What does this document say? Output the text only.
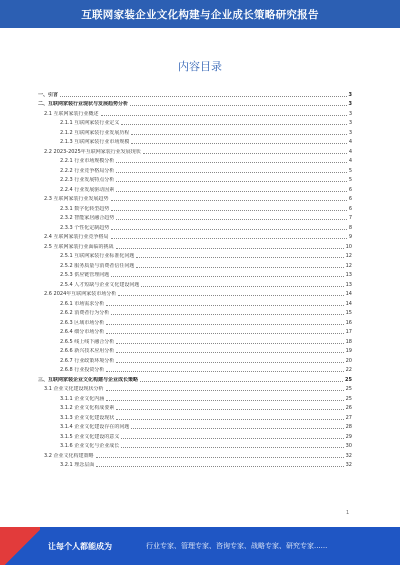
互联网家装企业文化构建与企业成长策略研究报告
内容目录
一、引言	3
二、互联网家装行业现状与发展趋势分析	3
2.1 互联网家装行业概述	3
2.1.1 互联网家装行业定义	3
2.1.2 互联网家装行业发展历程	3
2.1.3 互联网家装行业市场规模	4
2.2 2023-2025年互联网家装行业发展现状	4
2.2.1 行业市场规模分析	4
2.2.2 行业竞争格局分析	5
2.2.3 行业发展特点分析	5
2.2.4 行业发展驱动因素	6
2.3 互联网家装行业发展趋势	6
2.3.1 数字化转型趋势	6
2.3.2 智能家居融合趋势	7
2.3.3 个性化定制趋势	8
2.4 互联网家装行业竞争格局	9
2.5 互联网家装行业面临的挑战	10
2.5.1 互联网家装行业标准化问题	12
2.5.2 服务质量与消费者信任问题	12
2.5.3 供应链管理问题	13
2.5.4 人才短缺与企业文化建设问题	13
2.6 2024年互联网家装市场分析	14
2.6.1 市场需求分析	14
2.6.2 消费者行为分析	15
2.6.3 区域市场分析	16
2.6.4 细分市场分析	17
2.6.5 线上线下融合分析	18
2.6.6 新兴技术应用分析	19
2.6.7 行业政策环境分析	20
2.6.8 行业投资分析	22
三、互联网家装企业文化构建与企业成长策略	25
3.1 企业文化建设现状分析	25
3.1.1 企业文化内涵	25
3.1.2 企业文化构成要素	26
3.1.3 企业文化建设现状	27
3.1.4 企业文化建设存在的问题	28
3.1.5 企业文化建设的意义	29
3.1.6 企业文化与企业成长	30
3.2 企业文化构建策略	32
3.2.1 理念层面	32
1
让每个人都能成为	行业专家、管理专家、咨询专家、战略专家、研究专家......
